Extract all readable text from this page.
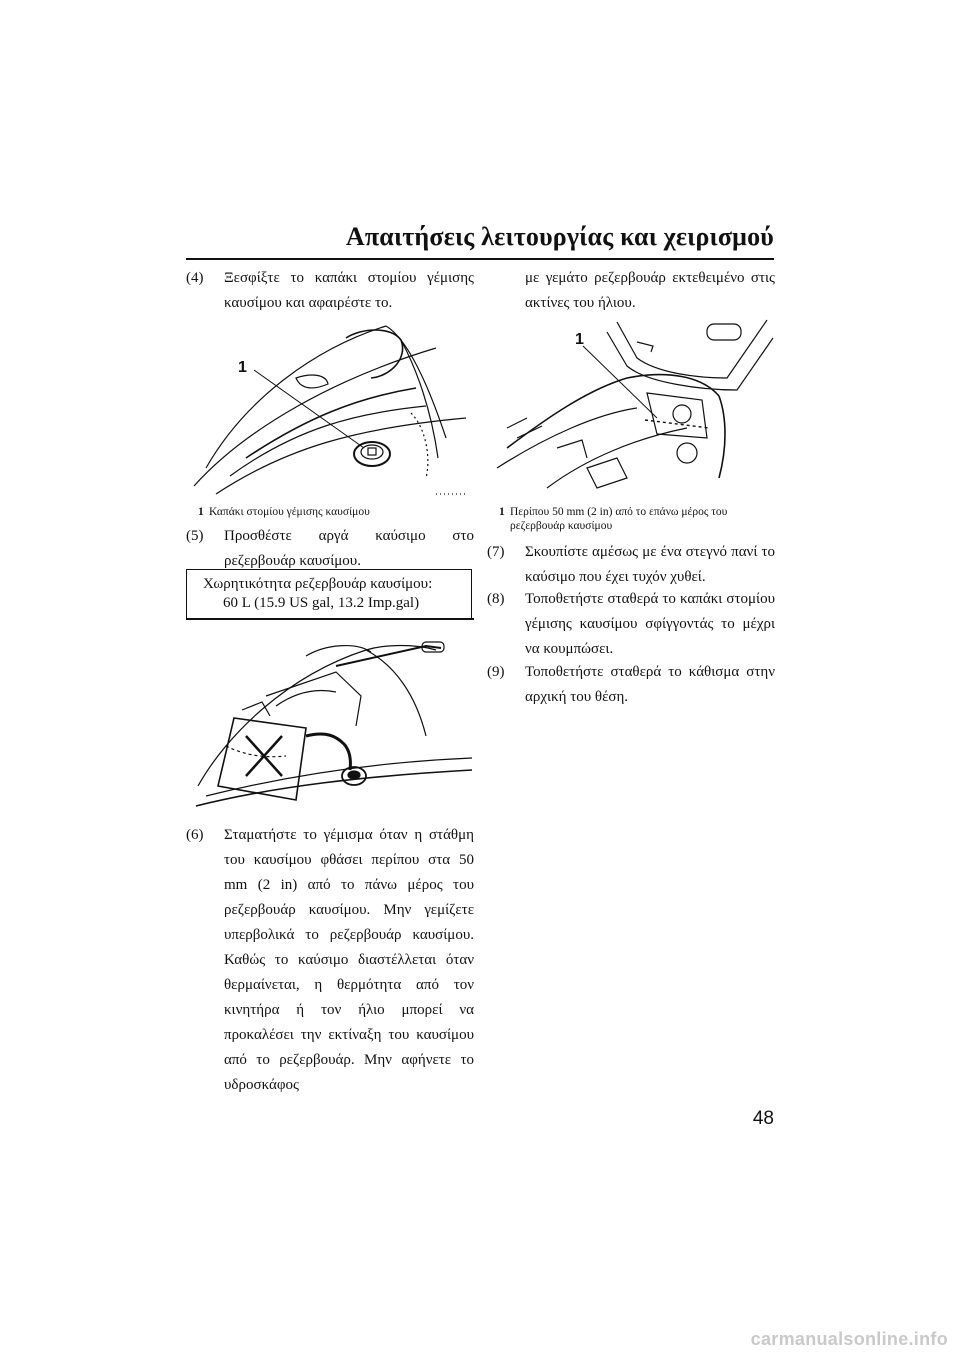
Απαιτήσεις λειτουργίας και χειρισμού
(4)	Ξεσφίξτε το καπάκι στομίου γέμισης καυσίμου και αφαιρέστε το.
1
1 Καπάκι στομίου γέμισης καυσίμου
(5)	Προσθέστε αργά καύσιμο στο ρεζερβουάρ καυσίμου.
Χωρητικότητα ρεζερβουάρ καυσίμου:
60 L (15.9 US gal, 13.2 Imp.gal)
(6)	Σταματήστε το γέμισμα όταν η στάθμη του καυσίμου φθάσει περίπου στα 50 mm (2 in) από το πάνω μέρος του ρεζερβουάρ καυσίμου. Μην γεμίζετε υπερβολικά το ρεζερβουάρ καυσίμου. Καθώς το καύσιμο διαστέλλεται όταν θερμαίνεται, η θερμότητα από τον κινητήρα ή τον ήλιο μπορεί να προκαλέσει την εκτίναξη του καυσίμου από το ρεζερβουάρ. Μην αφήνετε το υδροσκάφος
με γεμάτο ρεζερβουάρ εκτεθειμένο στις ακτίνες του ήλιου.
1
1 Περίπου 50 mm (2 in) από το επάνω μέρος του ρεζερβουάρ καυσίμου
(7)	Σκουπίστε αμέσως με ένα στεγνό πανί το καύσιμο που έχει τυχόν χυθεί.
(8)	Τοποθετήστε σταθερά το καπάκι στομίου γέμισης καυσίμου σφίγγοντάς το μέχρι να κουμπώσει.
(9)	Τοποθετήστε σταθερά το κάθισμα στην αρχική του θέση.
48
carmanualsonline.info
